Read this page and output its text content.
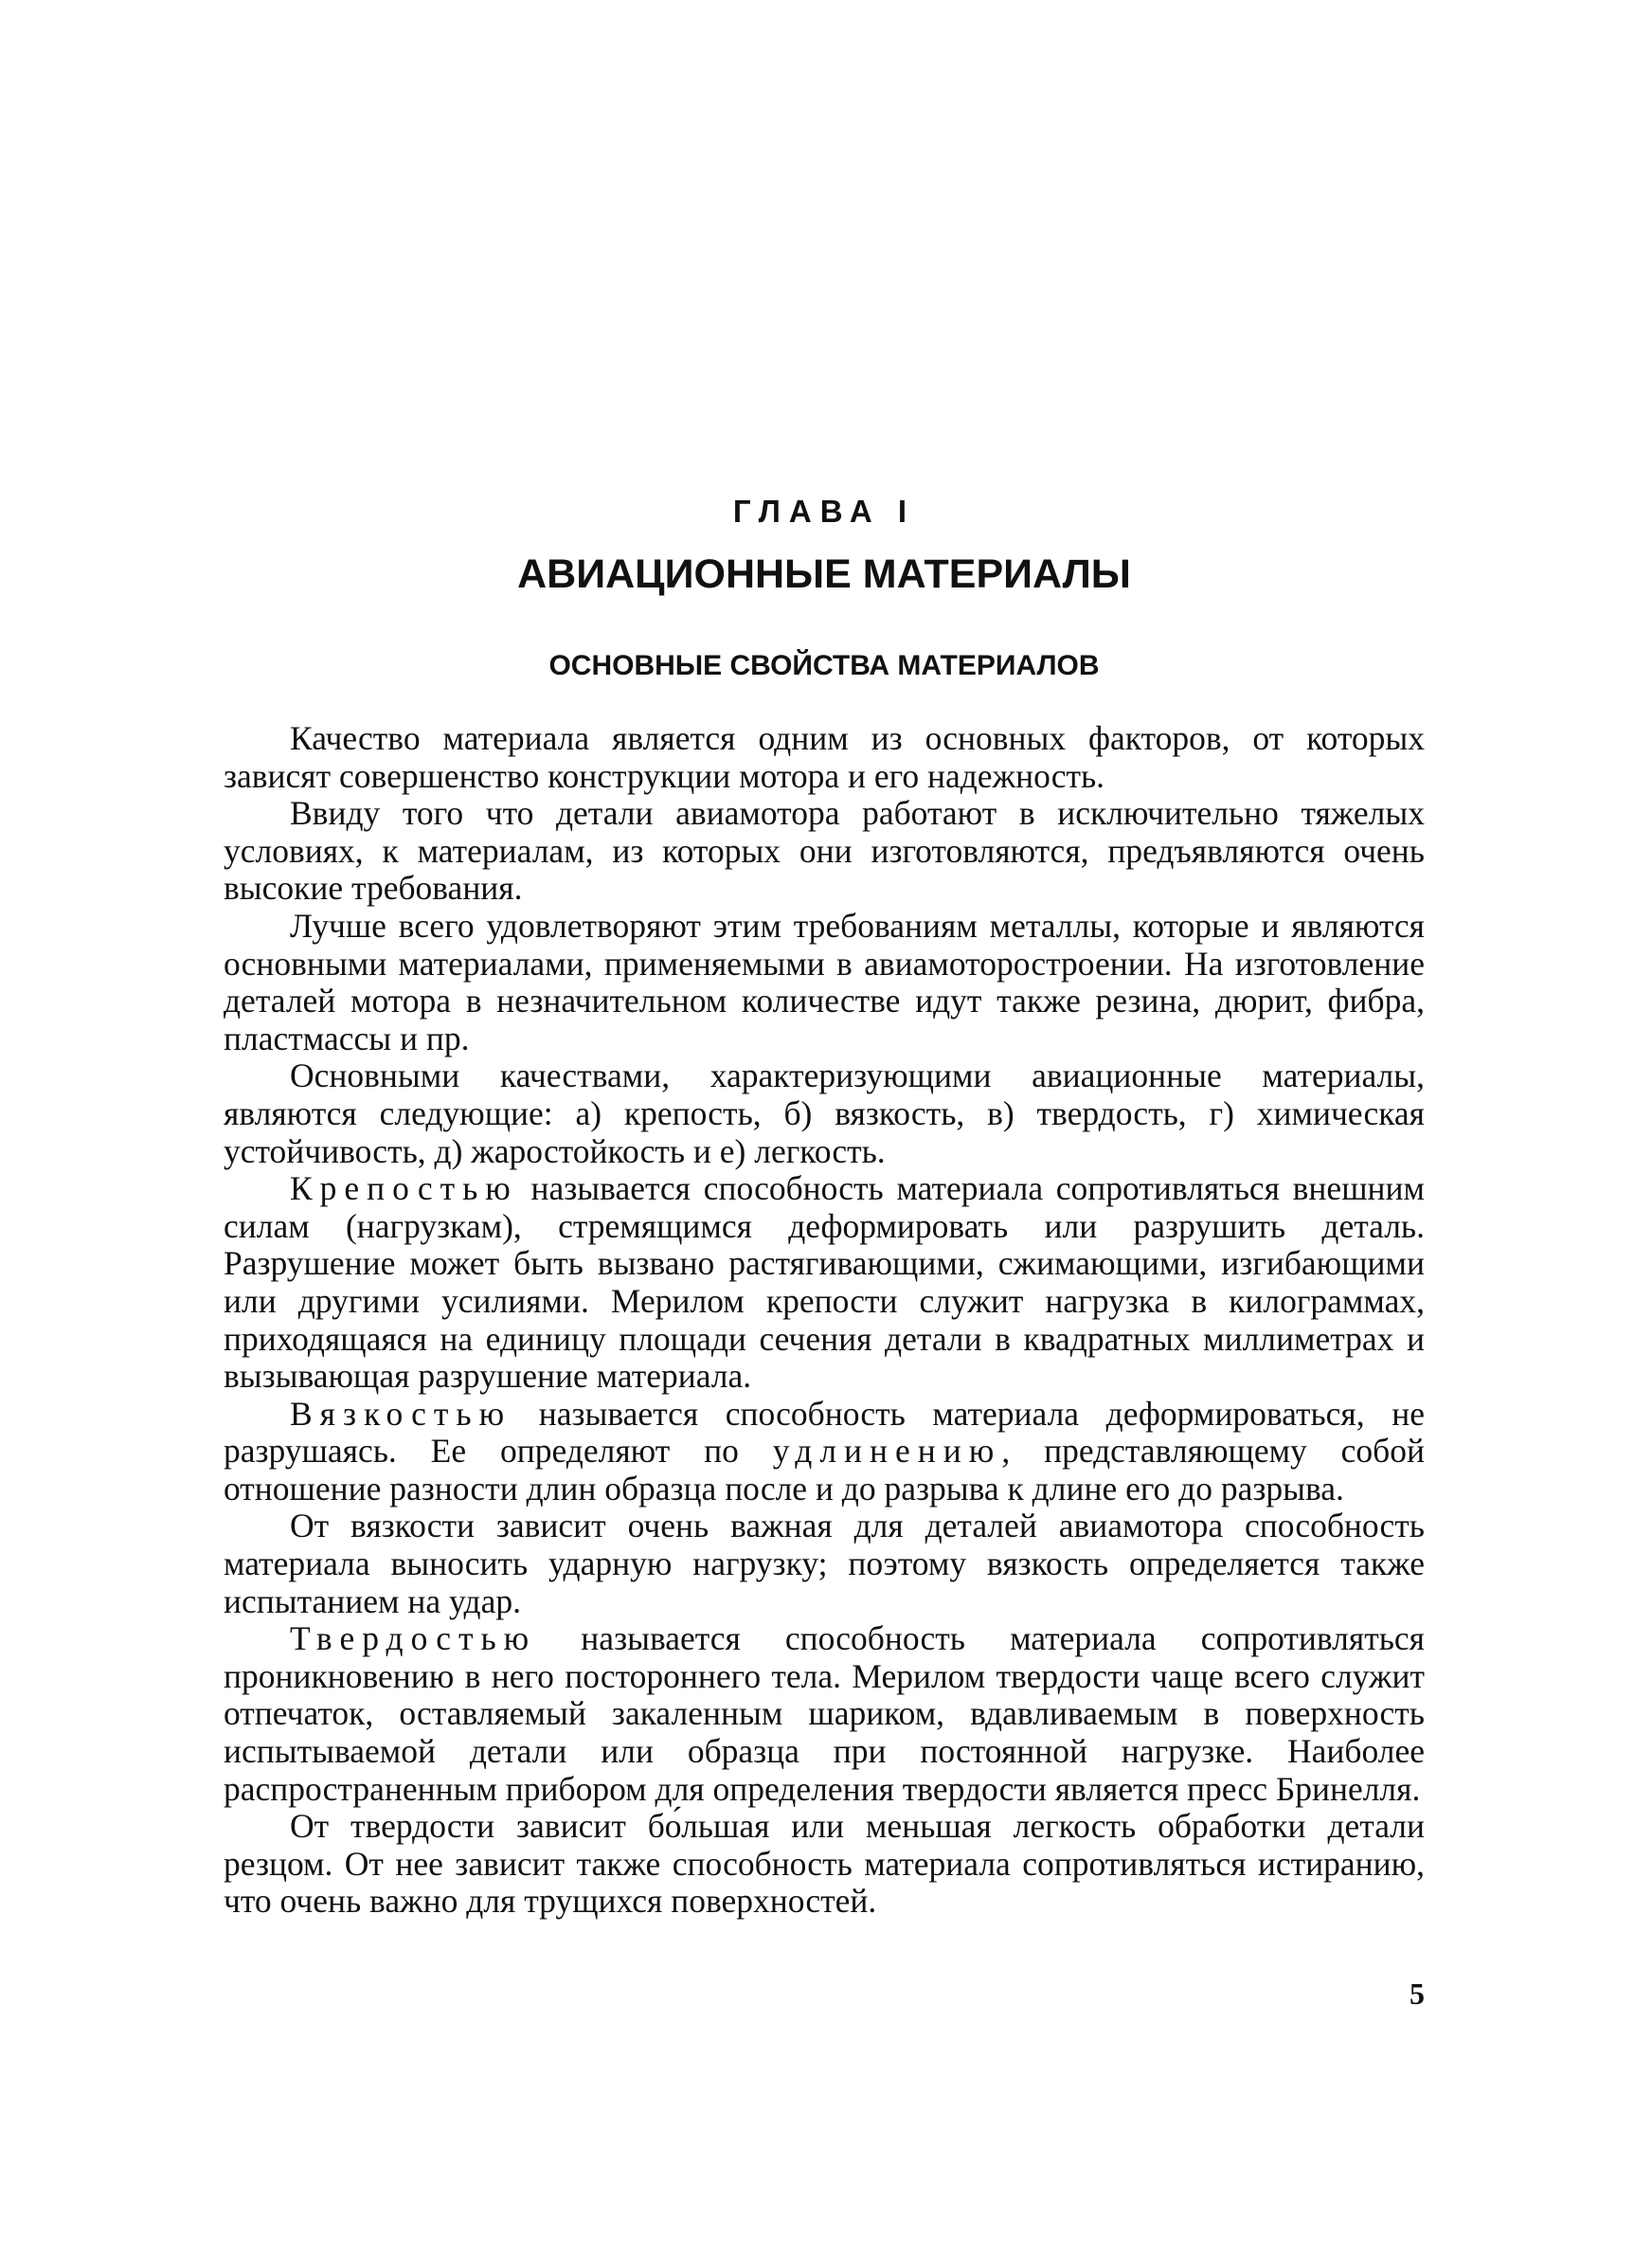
ГЛАВА I
АВИАЦИОННЫЕ МАТЕРИАЛЫ
ОСНОВНЫЕ СВОЙСТВА МАТЕРИАЛОВ

Качество материала является одним из основных факторов, от которых зависят совершенство конструкции мотора и его надежность.

Ввиду того что детали авиамотора работают в исключительно тяжелых условиях, к материалам, из которых они изготовляются, предъявляются очень высокие требования.

Лучше всего удовлетворяют этим требованиям металлы, которые и являются основными материалами, применяемыми в авиамоторостроении. На изготовление деталей мотора в незначительном количестве идут также резина, дюрит, фибра, пластмассы и пр.

Основными качествами, характеризующими авиационные материалы, являются следующие: а) крепость, б) вязкость, в) твердость, г) химическая устойчивость, д) жаростойкость и е) легкость.

Крепостью называется способность материала сопротивляться внешним силам (нагрузкам), стремящимся деформировать или разрушить деталь. Разрушение может быть вызвано растягивающими, сжимающими, изгибающими или другими усилиями. Мерилом крепости служит нагрузка в килограммах, приходящаяся на единицу площади сечения детали в квадратных миллиметрах и вызывающая разрушение материала.

Вязкостью называется способность материала деформироваться, не разрушаясь. Ее определяют по удлинению, представляющему собой отношение разности длин образца после и до разрыва к длине его до разрыва.

От вязкости зависит очень важная для деталей авиамотора способность материала выносить ударную нагрузку; поэтому вязкость определяется также испытанием на удар.

Твердостью называется способность материала сопротивляться проникновению в него постороннего тела. Мерилом твердости чаще всего служит отпечаток, оставляемый закаленным шариком, вдавливаемым в поверхность испытываемой детали или образца при постоянной нагрузке. Наиболее распространенным прибором для определения твердости является пресс Бринелля.

От твердости зависит бо́льшая или меньшая легкость обработки детали резцом. От нее зависит также способность материала сопротивляться истиранию, что очень важно для трущихся поверхностей.

5
